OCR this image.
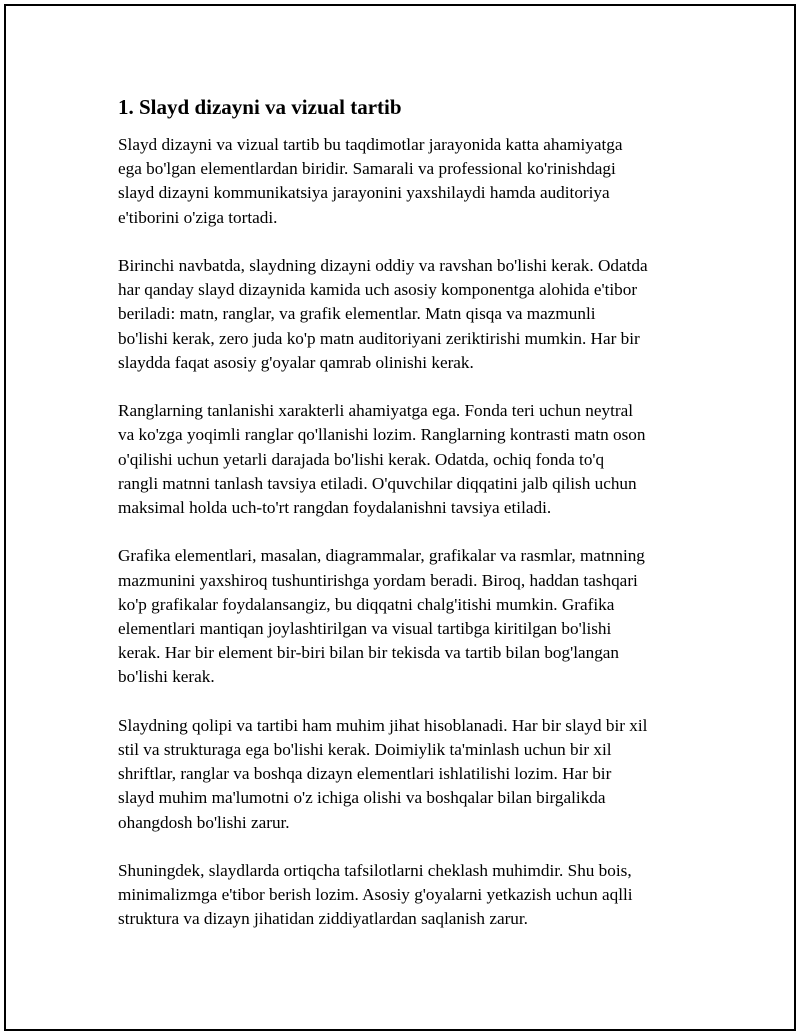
1. Slayd dizayni va vizual tartib

Slayd dizayni va vizual tartib bu taqdimotlar jarayonida katta ahamiyatga
ega bo'lgan elementlardan biridir. Samarali va professional ko'rinishdagi
slayd dizayni kommunikatsiya jarayonini yaxshilaydi hamda auditoriya
e'tiborini o'ziga tortadi.

Birinchi navbatda, slaydning dizayni oddiy va ravshan bo'lishi kerak. Odatda
har qanday slayd dizaynida kamida uch asosiy komponentga alohida e'tibor
beriladi: matn, ranglar, va grafik elementlar. Matn qisqa va mazmunli
bo'lishi kerak, zero juda ko'p matn auditoriyani zeriktirishi mumkin. Har bir
slaydda faqat asosiy g'oyalar qamrab olinishi kerak.

Ranglarning tanlanishi xarakterli ahamiyatga ega. Fonda teri uchun neytral
va ko'zga yoqimli ranglar qo'llanishi lozim. Ranglarning kontrasti matn oson
o'qilishi uchun yetarli darajada bo'lishi kerak. Odatda, ochiq fonda to'q
rangli matnni tanlash tavsiya etiladi. O'quvchilar diqqatini jalb qilish uchun
maksimal holda uch-to'rt rangdan foydalanishni tavsiya etiladi.

Grafika elementlari, masalan, diagrammalar, grafikalar va rasmlar, matnning
mazmunini yaxshiroq tushuntirishga yordam beradi. Biroq, haddan tashqari
ko'p grafikalar foydalansangiz, bu diqqatni chalg'itishi mumkin. Grafika
elementlari mantiqan joylashtirilgan va visual tartibga kiritilgan bo'lishi
kerak. Har bir element bir-biri bilan bir tekisda va tartib bilan bog'langan
bo'lishi kerak.

Slaydning qolipi va tartibi ham muhim jihat hisoblanadi. Har bir slayd bir xil
stil va strukturaga ega bo'lishi kerak. Doimiylik ta'minlash uchun bir xil
shriftlar, ranglar va boshqa dizayn elementlari ishlatilishi lozim. Har bir
slayd muhim ma'lumotni o'z ichiga olishi va boshqalar bilan birgalikda
ohangdosh bo'lishi zarur.

Shuningdek, slaydlarda ortiqcha tafsilotlarni cheklash muhimdir. Shu bois,
minimalizmga e'tibor berish lozim. Asosiy g'oyalarni yetkazish uchun aqlli
struktura va dizayn jihatidan ziddiyatlardan saqlanish zarur.
